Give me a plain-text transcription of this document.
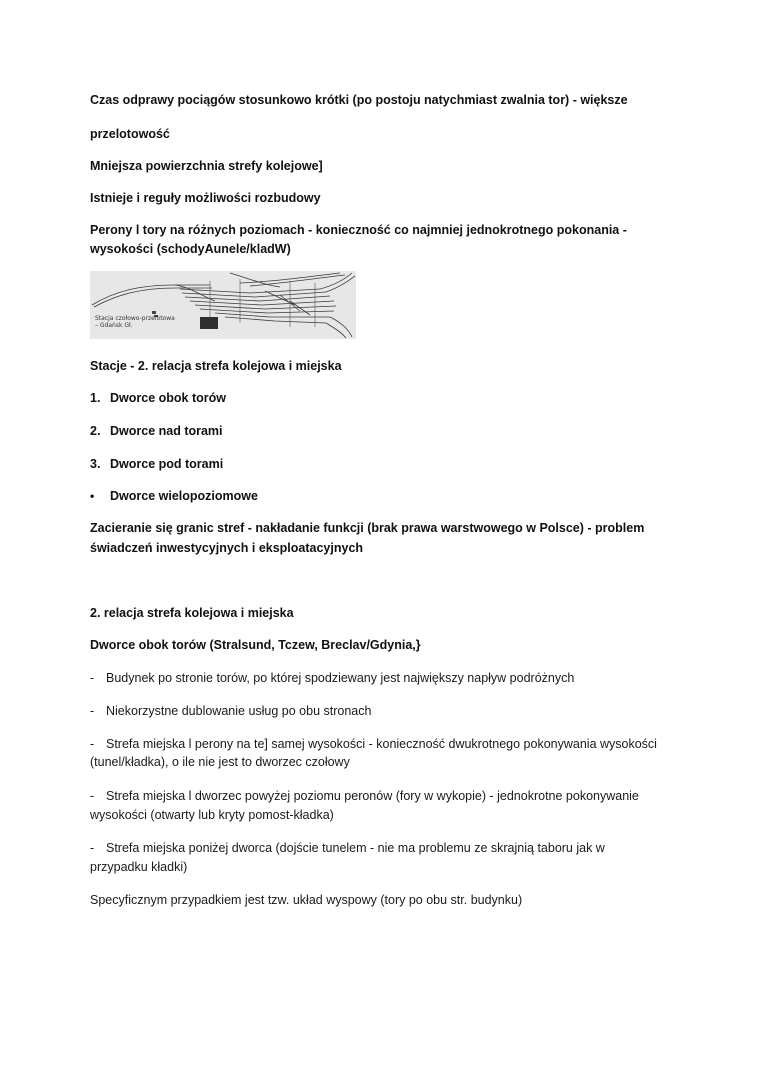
Czas odprawy pociągów stosunkowo krótki (po postoju natychmiast zwalnia tor) - większe
przelotowość
Mniejsza powierzchnia strefy kolejowe]
Istnieje i reguły możliwości rozbudowy
Perony l tory na różnych poziomach - konieczność co najmniej jednokrotnego pokonania -
wysokości (schodyAunele/kladW)
Stacja czołowo-przelotowa
– Gdańsk Gł.
Stacje - 2. relacja strefa kolejowa i miejska
1. Dworce obok torów
2. Dworce nad torami
3. Dworce pod torami
• Dworce wielopoziomowe
Zacieranie się granic stref - nakładanie funkcji (brak prawa warstwowego w Polsce) - problem
świadczeń inwestycyjnych i eksploatacyjnych
2. relacja strefa kolejowa i miejska
Dworce obok torów (Stralsund, Tczew, Breclav/Gdynia,}
- Budynek po stronie torów, po której spodziewany jest największy napływ podróżnych
- Niekorzystne dublowanie usług po obu stronach
- Strefa miejska l perony na te] samej wysokości - konieczność dwukrotnego pokonywania wysokości
(tunel/kładka), o ile nie jest to dworzec czołowy
- Strefa miejska l dworzec powyżej poziomu peronów (fory w wykopie) - jednokrotne pokonywanie
wysokości (otwarty lub kryty pomost-kładka)
- Strefa miejska poniżej dworca (dojście tunelem - nie ma problemu ze skrajnią taboru jak w
przypadku kładki)
Specyficznym przypadkiem jest tzw. układ wyspowy (tory po obu str. budynku)
